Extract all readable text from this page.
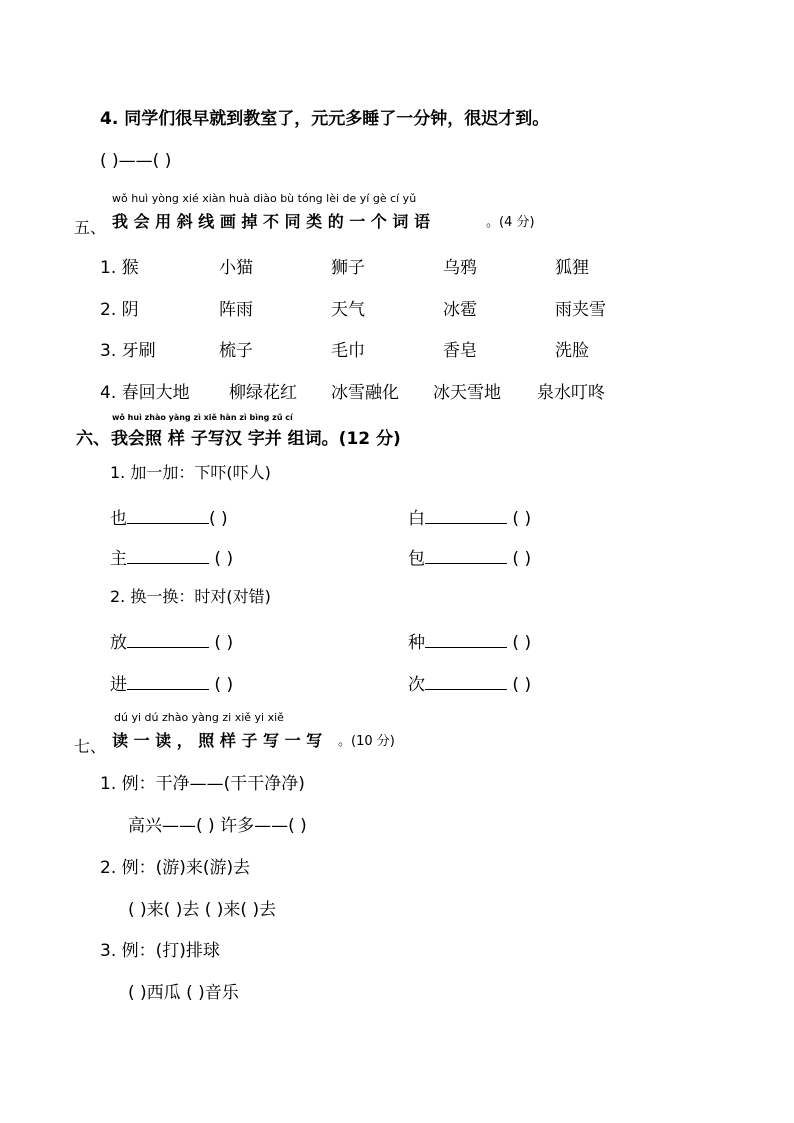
4. 同学们很早就到教室了，元元多睡了一分钟，很迟才到。
( )——( )
五、
wǒ huì yòng xié xiàn huà diào bù tóng lèi de yí gè cí yǔ
我 会 用 斜 线 画 掉 不 同 类 的 一 个 词 语	。(4 分)
1. 猴	小猫	狮子	乌鸦	狐狸
2. 阴	阵雨	天气	冰雹	雨夹雪
3. 牙刷	梳子	毛巾	香皂	洗脸
4. 春回大地 柳绿花红 冰雪融化 冰天雪地 泉水叮咚
wǒ huì zhào yàng zì xiě hàn zì bìng zǔ cí
六、 我会照 样 子写汉 字并 组词。(12 分)
1. 加一加：下吓(吓人)
也	( )	白	( )
主	( )	包	( )
2. 换一换：时对(对错)
放	( )	种	( )
进	( )	次	( )
七、
dú yi dú zhào yàng zi xiě yi xiě
读 一 读 ， 照 样 子 写 一 写 。(10 分)
1. 例：干净——(干干净净)
高兴——( ) 许多——( )
2. 例：(游)来(游)去
( )来( )去 ( )来( )去
3. 例：(打)排球
( )西瓜 ( )音乐
